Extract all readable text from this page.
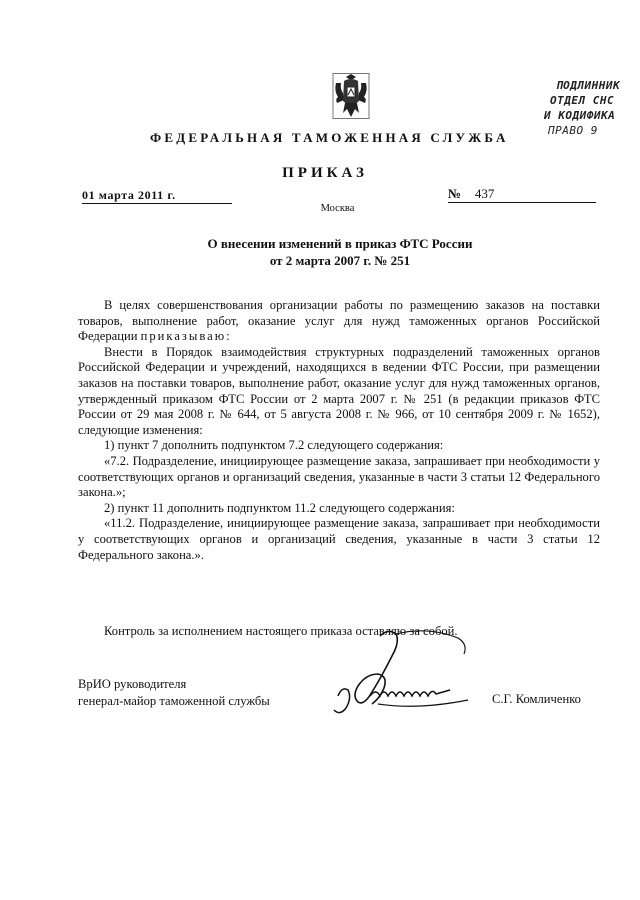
ПОДЛИННИК
ОТДЕЛ СНС
И КОДИФИКА
ПРАВО 9
ФЕДЕРАЛЬНАЯ ТАМОЖЕННАЯ СЛУЖБА
ПРИКАЗ
01 марта 2011 г.	№ 437
Москва
О внесении изменений в приказ ФТС России
от 2 марта 2007 г. № 251

В целях совершенствования организации работы по размещению заказов на поставки товаров, выполнение работ, оказание услуг для нужд таможенных органов Российской Федерации приказываю:

Внести в Порядок взаимодействия структурных подразделений таможенных органов Российской Федерации и учреждений, находящихся в ведении ФТС России, при размещении заказов на поставки товаров, выполнение работ, оказание услуг для нужд таможенных органов, утвержденный приказом ФТС России от 2 марта 2007 г. № 251 (в редакции приказов ФТС России от 29 мая 2008 г. № 644, от 5 августа 2008 г. № 966, от 10 сентября 2009 г. № 1652), следующие изменения:

1) пункт 7 дополнить подпунктом 7.2 следующего содержания:

«7.2. Подразделение, инициирующее размещение заказа, запрашивает при необходимости у соответствующих органов и организаций сведения, указанные в части 3 статьи 12 Федерального закона.»;

2) пункт 11 дополнить подпунктом 11.2 следующего содержания:

«11.2. Подразделение, инициирующее размещение заказа, запрашивает при необходимости у соответствующих органов и организаций сведения, указанные в части 3 статьи 12 Федерального закона.».

Контроль за исполнением настоящего приказа оставляю за собой.
ВрИО руководителя
генерал-майор таможенной службы	С.Г. Комличенко
